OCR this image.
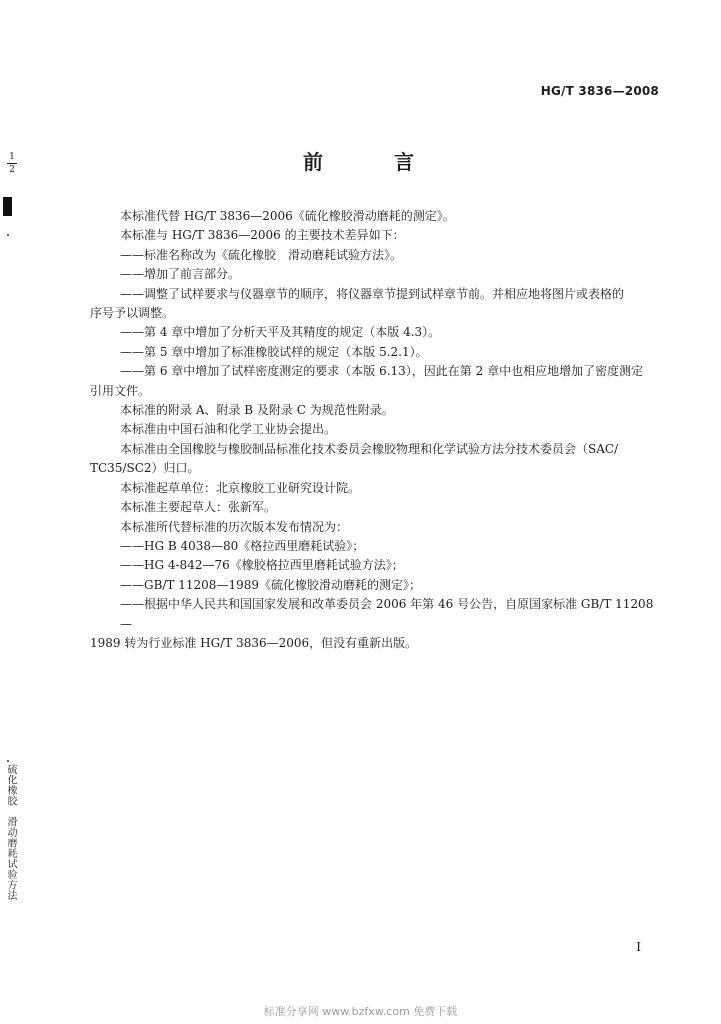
HG/T 3836—2008
前 言
1
2

本标准代替 HG/T 3836—2006《硫化橡胶滑动磨耗的测定》。

本标准与 HG/T 3836—2006 的主要技术差异如下：

——标准名称改为《硫化橡胶　滑动磨耗试验方法》。

——增加了前言部分。

——调整了试样要求与仪器章节的顺序，将仪器章节提到试样章节前。并相应地将图片或表格的

序号予以调整。

——第 4 章中增加了分析天平及其精度的规定（本版 4.3）。

——第 5 章中增加了标准橡胶试样的规定（本版 5.2.1）。

——第 6 章中增加了试样密度测定的要求（本版 6.13），因此在第 2 章中也相应地增加了密度测定

引用文件。

本标准的附录 A、附录 B 及附录 C 为规范性附录。

本标准由中国石油和化学工业协会提出。

本标准由全国橡胶与橡胶制品标准化技术委员会橡胶物理和化学试验方法分技术委员会（SAC/

TC35/SC2）归口。

本标准起草单位：北京橡胶工业研究设计院。

本标准主要起草人：张新军。

本标准所代替标准的历次版本发布情况为：

——HG B 4038—80《格拉西里磨耗试验》；

——HG 4-842—76《橡胶格拉西里磨耗试验方法》；

——GB/T 11208—1989《硫化橡胶滑动磨耗的测定》；

——根据中华人民共和国国家发展和改革委员会 2006 年第 46 号公告，自原国家标准 GB/T 11208—

1989 转为行业标准 HG/T 3836—2006，但没有重新出版。

硫化橡胶　滑动磨耗试验方法
I
标准分享网 www.bzfxw.com 免费下载
